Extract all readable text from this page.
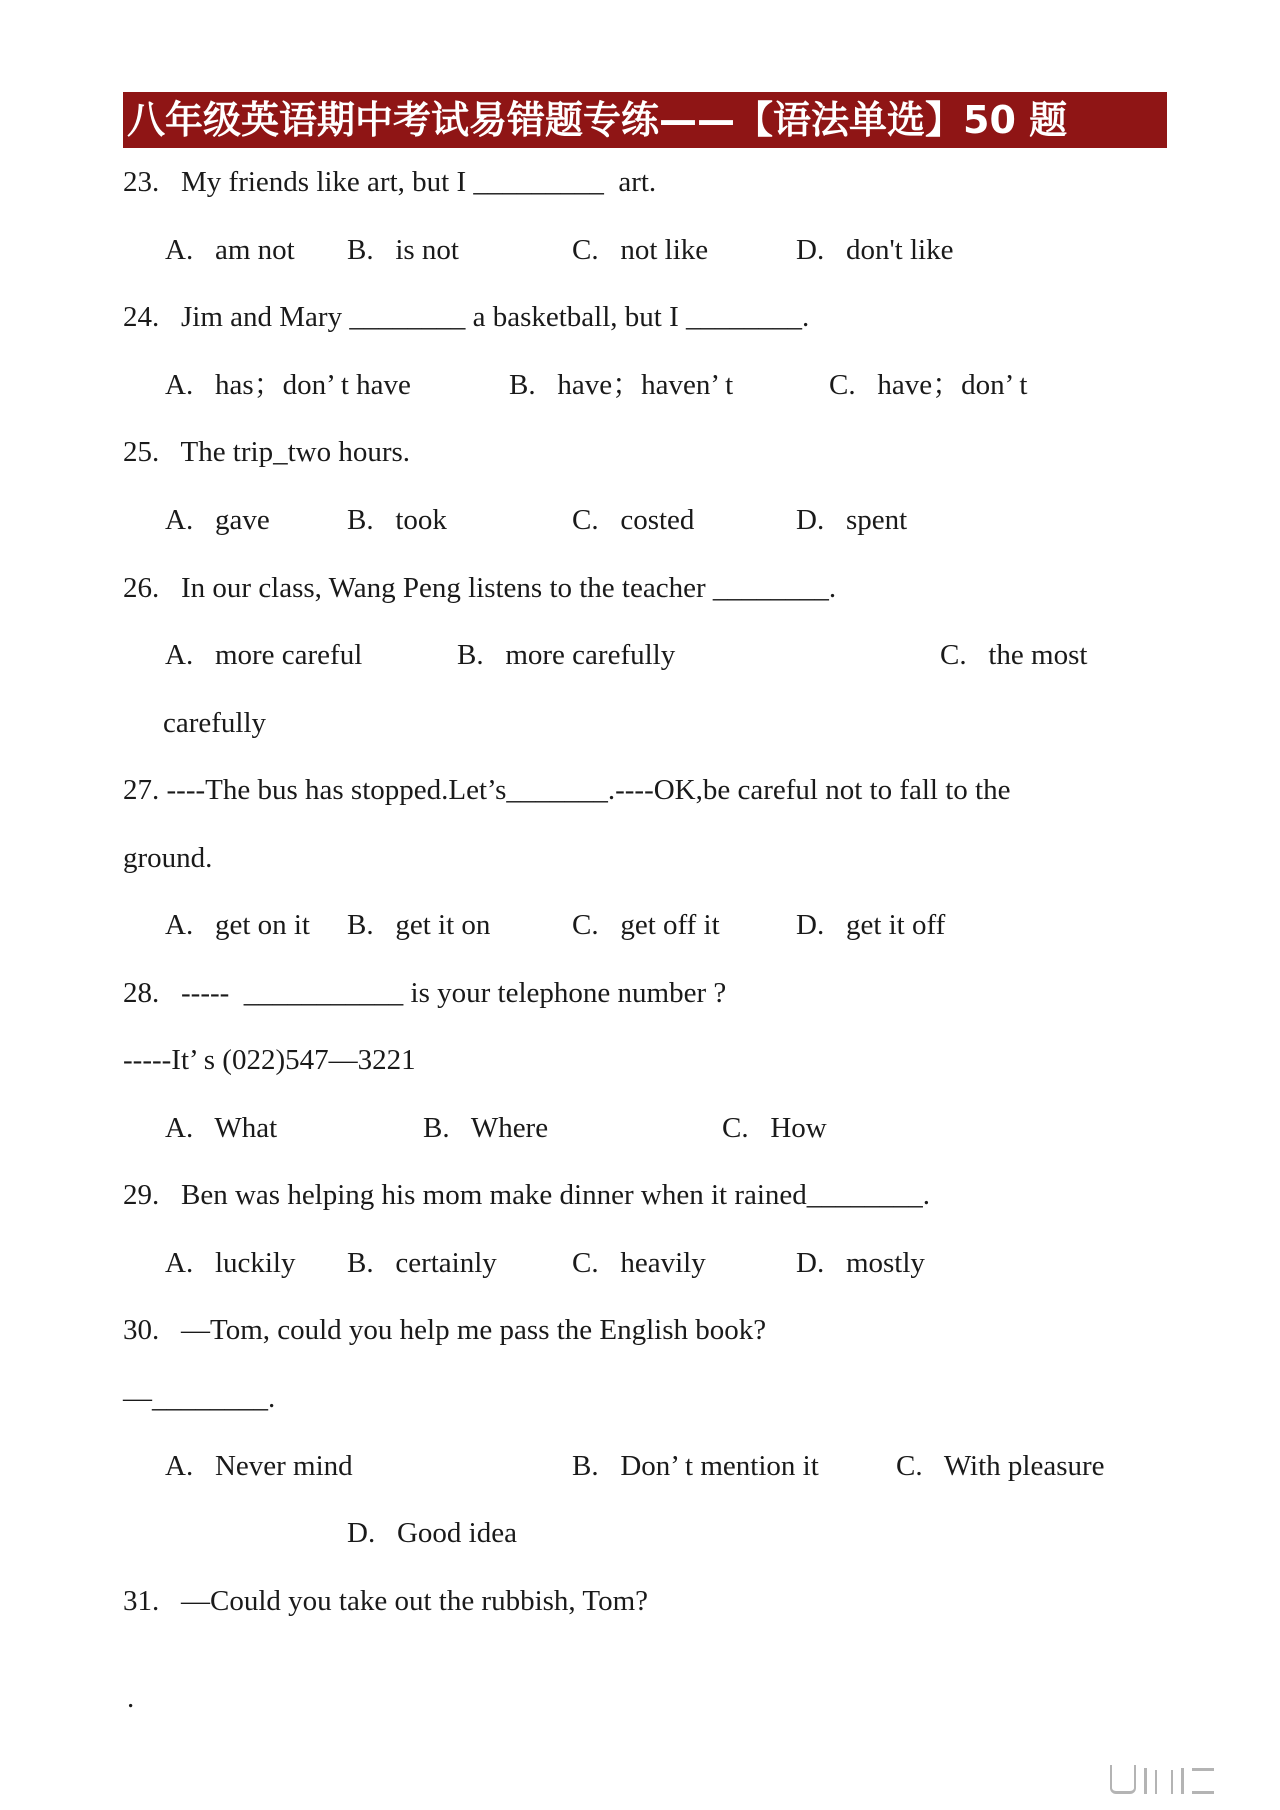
八年级英语期中考试易错题专练——【语法单选】50 题
23.   My friends like art, but I _________  art.
A.   am not B.   is not	C.   not like	D.   don't like
24.   Jim and Mary ________ a basketball, but I ________.
A.   has；don’ t have	B.   have；haven’ t	C.   have；don’ t
25.   The trip_two hours.
A.   gave	B.   took	C.   costed	D.   spent
26.   In our class, Wang Peng listens to the teacher ________.
A.   more careful	B.   more carefully	C.   the most
carefully
27. ----The bus has stopped.Let’s_______.----OK,be careful not to fall to the
ground.
A.   get on it B.   get it on	C.   get off it	D.   get it off
28.   -----  ___________ is your telephone number ?
-----It’ s (022)547—3221
A.   What	B.   Where	C.   How
29.   Ben was helping his mom make dinner when it rained________.
A.   luckily B.   certainly	C.   heavily	D.   mostly
30.   —Tom, could you help me pass the English book?
—________.
A.   Never mind	B.   Don’ t mention it	C.   With pleasure
D.   Good idea
31.   —Could you take out the rubbish, Tom?
.
